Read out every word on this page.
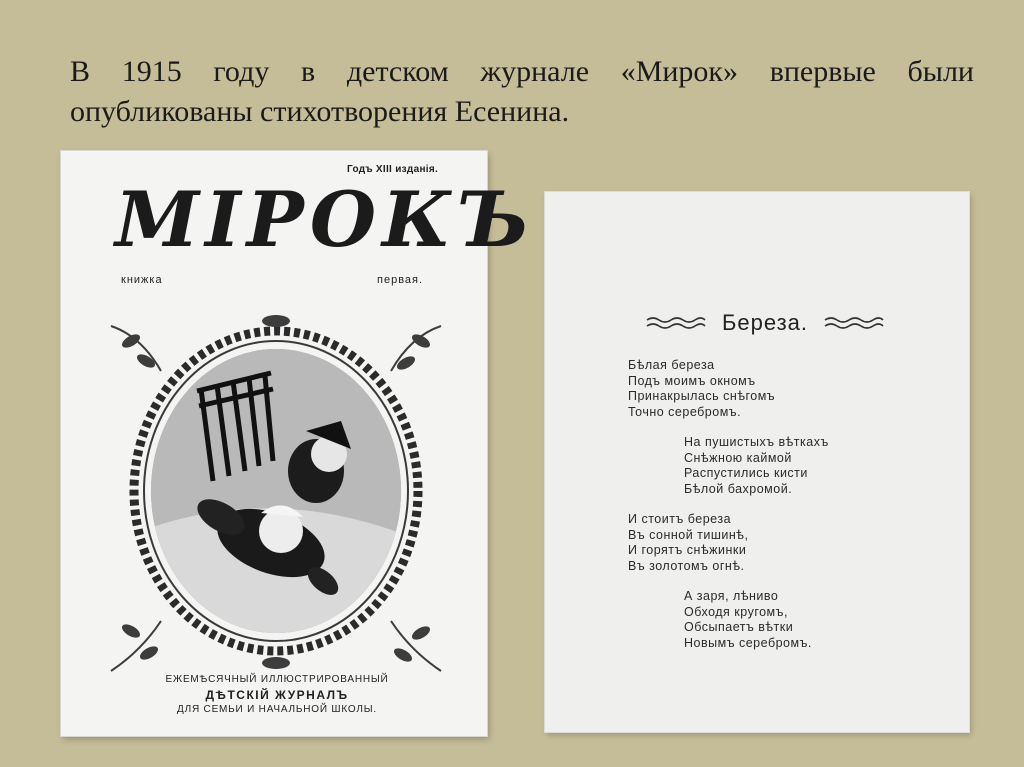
В 1915 году в детском журнале «Мирок» впервые были
опубликованы стихотворения Есенина.
Годъ XIII изданiя.
МIРОКЪ
книжка	первая.
ЕЖЕМѢСЯЧНЫЙ ИЛЛЮСТРИРОВАННЫЙ
ДѢТСКIЙ ЖУРНАЛЪ
ДЛЯ СЕМЬИ И НАЧАЛЬНОЙ ШКОЛЫ.
Береза.
Бѣлая береза
Подъ моимъ окномъ
Принакрылась снѣгомъ
Точно серебромъ.
На пушистыхъ вѣткахъ
Снѣжною каймой
Распустились кисти
Бѣлой бахромой.
И стоитъ береза
Въ сонной тишинѣ,
И горятъ снѣжинки
Въ золотомъ огнѣ.
А заря, лѣниво
Обходя кругомъ,
Обсыпаетъ вѣтки
Новымъ серебромъ.
